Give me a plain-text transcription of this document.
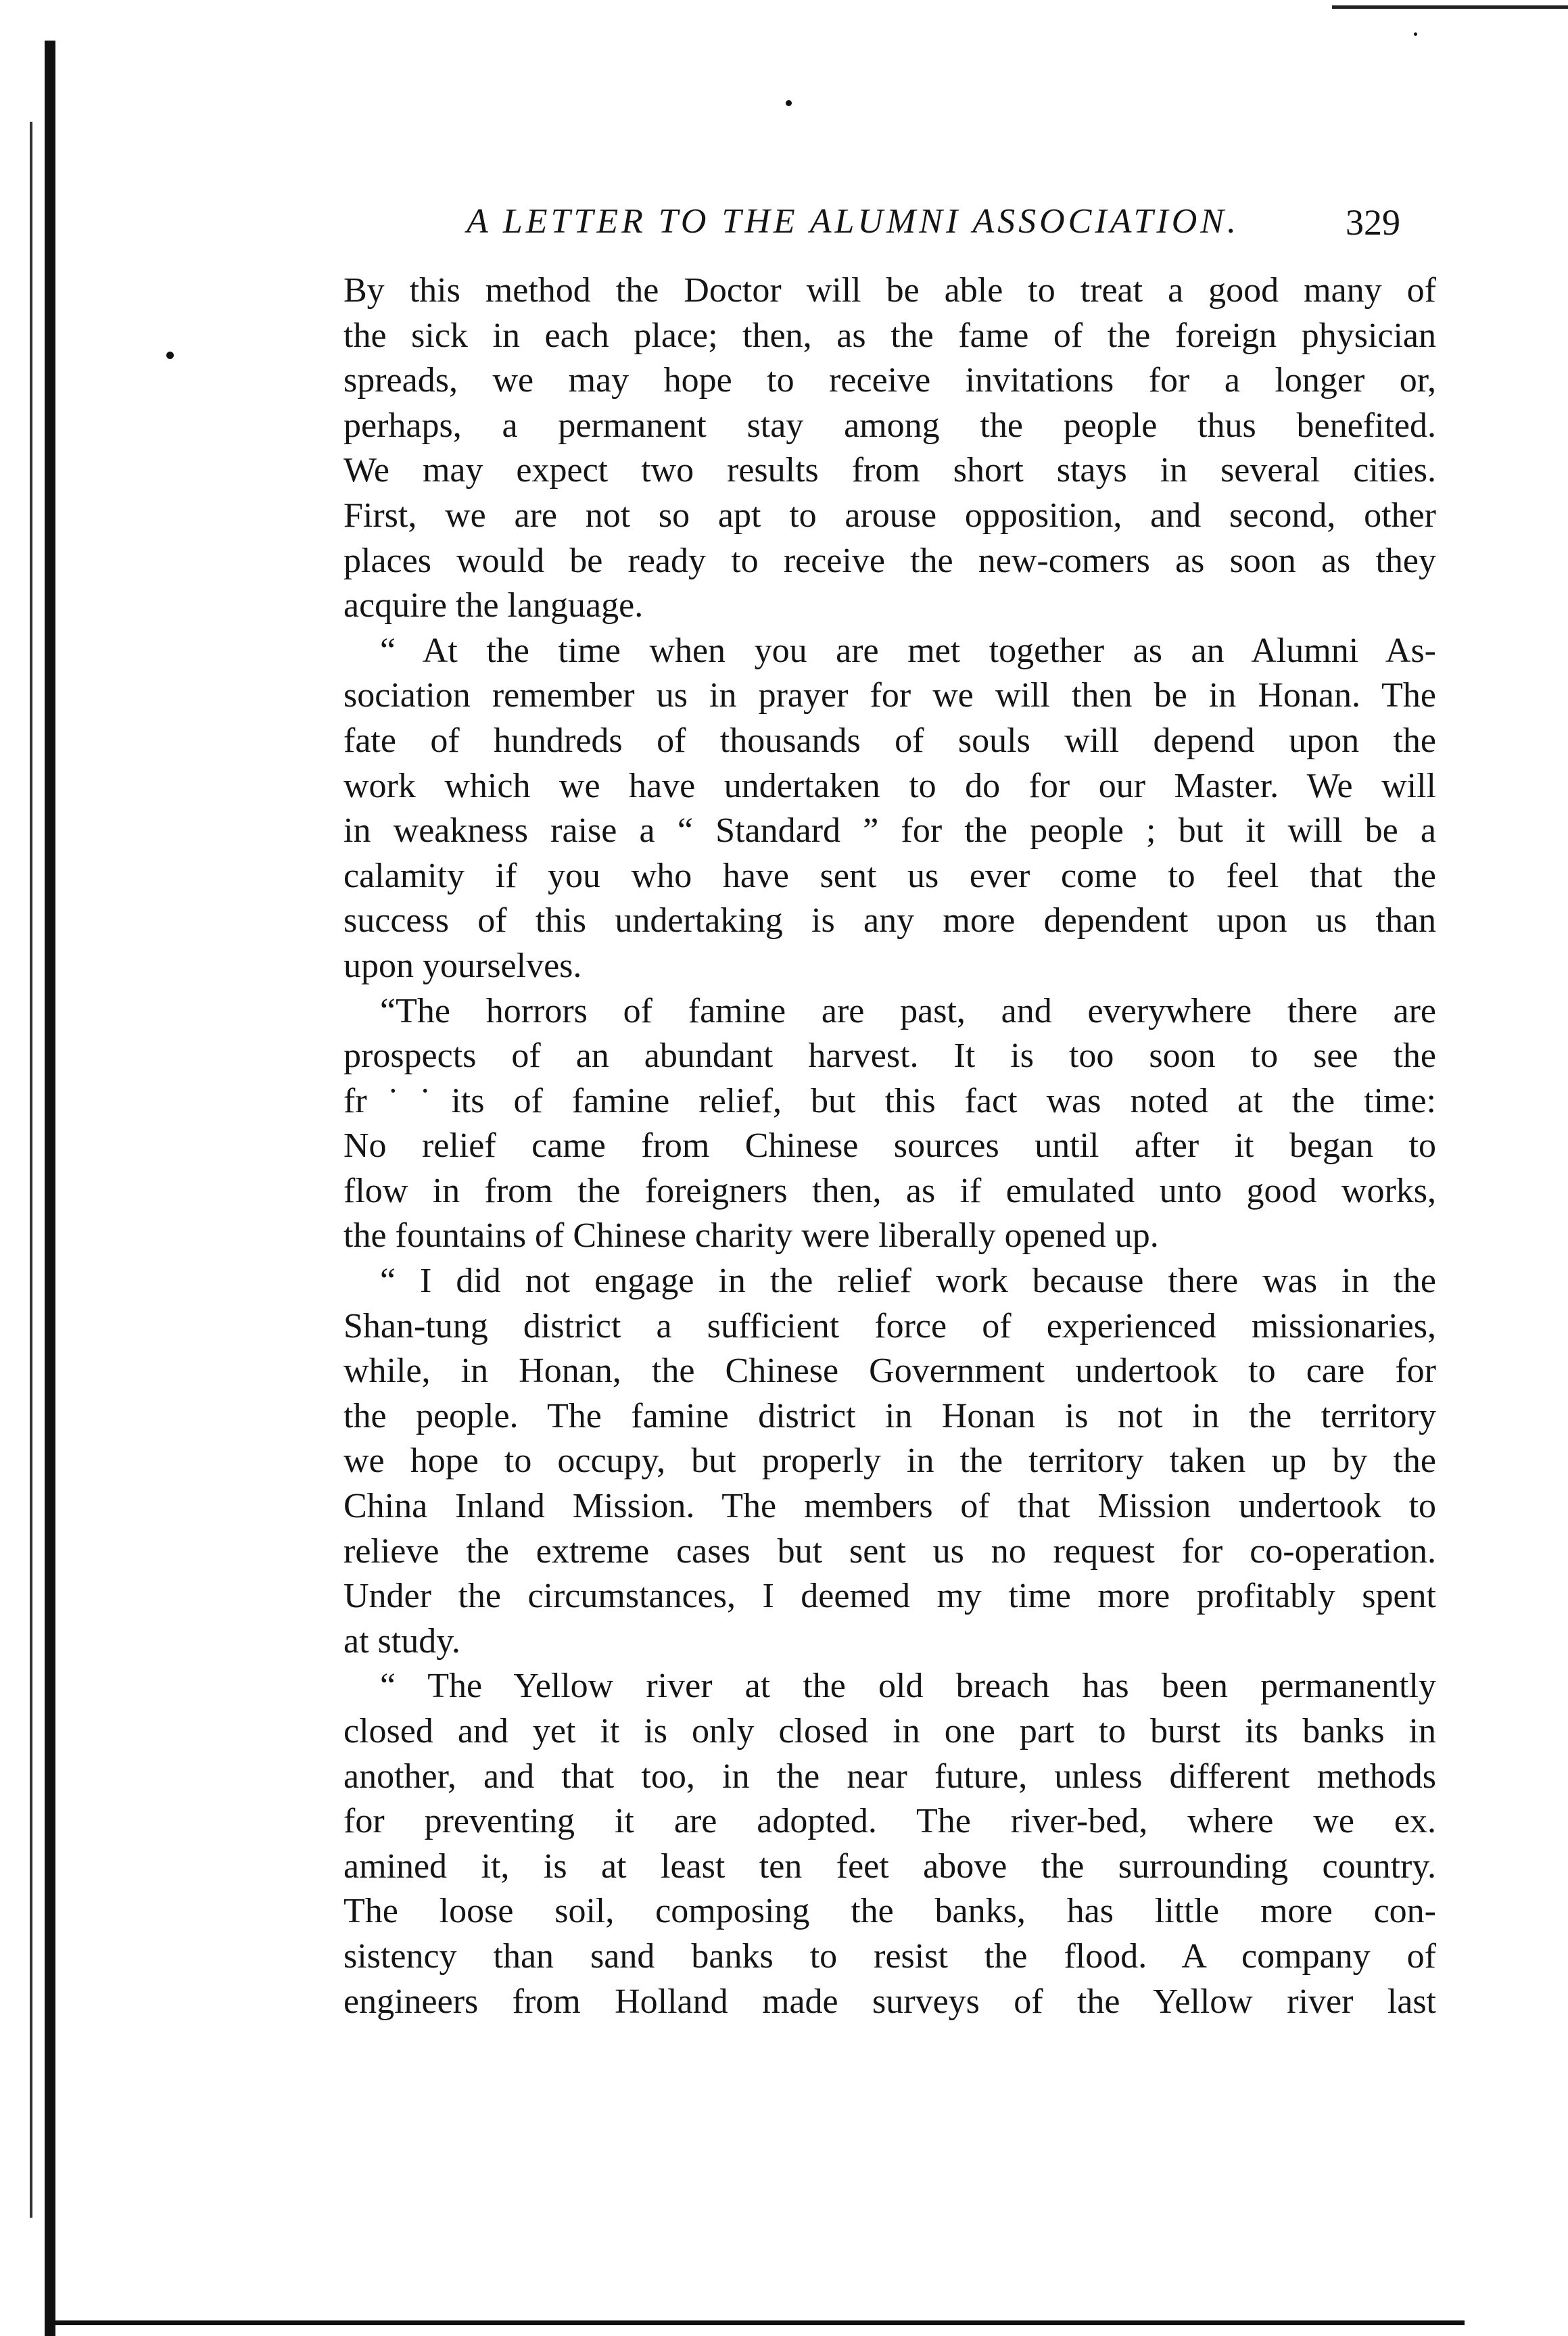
A LETTER TO THE ALUMNI ASSOCIATION.	329
By this method the Doctor will be able to treat a good many of
the sick in each place; then, as the fame of the foreign physician
spreads, we may hope to receive invitations for a longer or,
perhaps, a permanent stay among the people thus benefited.
We may expect two results from short stays in several cities.
First, we are not so apt to arouse opposition, and second, other
places would be ready to receive the new-comers as soon as they
acquire the language.
“ At the time when you are met together as an Alumni As-
sociation remember us in prayer for we will then be in Honan. The
fate of hundreds of thousands of souls will depend upon the
work which we have undertaken to do for our Master. We will
in weakness raise a “ Standard ” for the people ; but it will be a
calamity if you who have sent us ever come to feel that the
success of this undertaking is any more dependent upon us than
upon yourselves.
“The horrors of famine are past, and everywhere there are
prospects of an abundant harvest. It is too soon to see the
fr˙˙its of famine relief, but this fact was noted at the time:
No relief came from Chinese sources until after it began to
flow in from the foreigners then, as if emulated unto good works,
the fountains of Chinese charity were liberally opened up.
“ I did not engage in the relief work because there was in the
Shan-tung district a sufficient force of experienced missionaries,
while, in Honan, the Chinese Government undertook to care for
the people. The famine district in Honan is not in the territory
we hope to occupy, but properly in the territory taken up by the
China Inland Mission. The members of that Mission undertook to
relieve the extreme cases but sent us no request for co-operation.
Under the circumstances, I deemed my time more profitably spent
at study.
“ The Yellow river at the old breach has been permanently
closed and yet it is only closed in one part to burst its banks in
another, and that too, in the near future, unless different methods
for preventing it are adopted. The river-bed, where we ex.
amined it, is at least ten feet above the surrounding country.
The loose soil, composing the banks, has little more con-
sistency than sand banks to resist the flood. A company of
engineers from Holland made surveys of the Yellow river last
